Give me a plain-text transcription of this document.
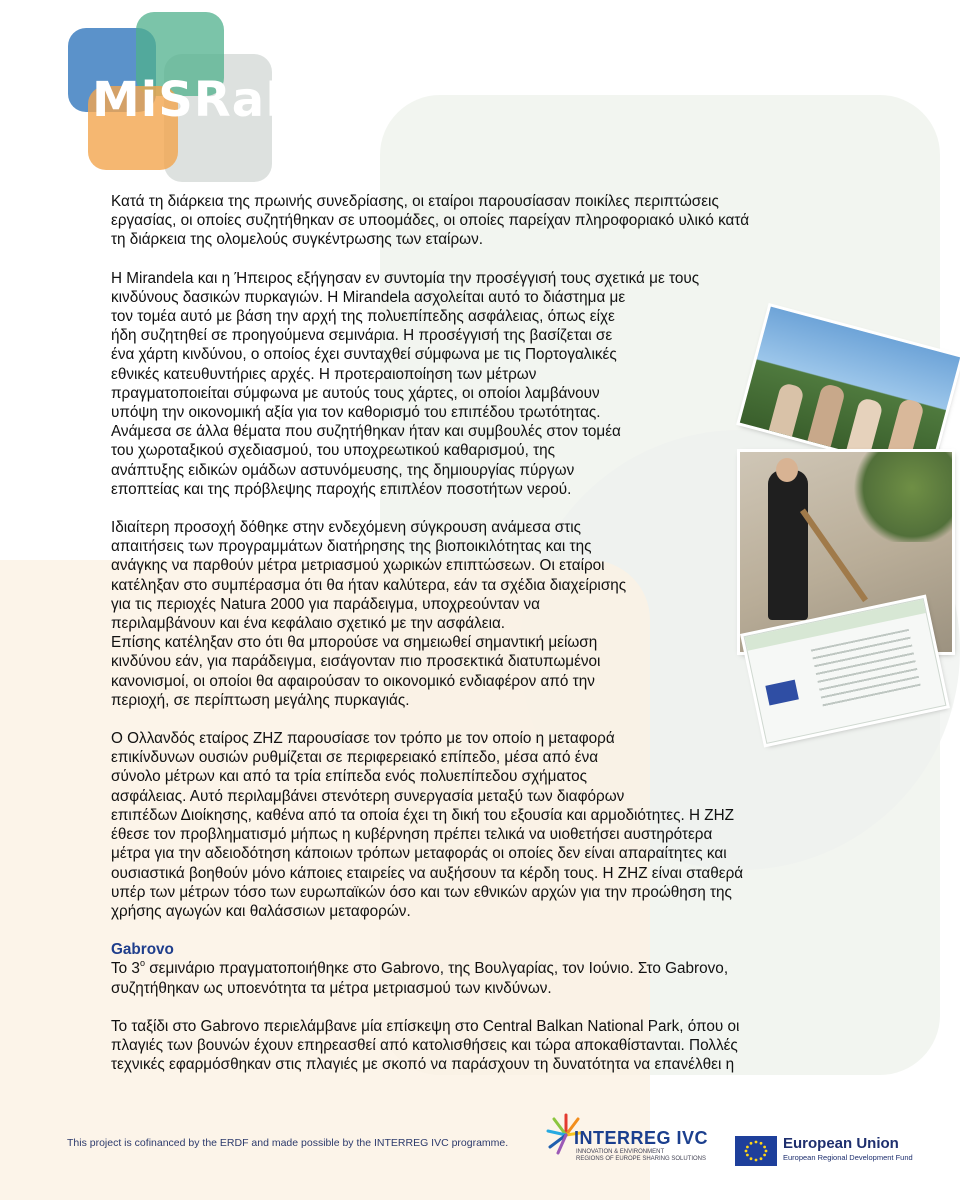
MiSRaR

Κατά τη διάρκεια της πρωινής συνεδρίασης, οι εταίροι παρουσίασαν ποικίλες περιπτώσεις
εργασίας, οι οποίες συζητήθηκαν σε υποομάδες, οι οποίες παρείχαν πληροφοριακό υλικό κατά
τη διάρκεια της ολομελούς συγκέντρωσης των εταίρων.

Η Mirandela και η Ήπειρος εξήγησαν εν συντομία την προσέγγισή τους σχετικά με τους
κινδύνους δασικών πυρκαγιών. Η Mirandela ασχολείται αυτό το διάστημα με
τον τομέα αυτό με βάση την αρχή της πολυεπίπεδης ασφάλειας, όπως είχε
ήδη συζητηθεί σε προηγούμενα σεμινάρια. Η προσέγγισή της βασίζεται σε
ένα χάρτη κινδύνου, ο οποίος έχει συνταχθεί σύμφωνα με τις Πορτογαλικές
εθνικές κατευθυντήριες αρχές. Η προτεραιοποίηση των μέτρων
πραγματοποιείται σύμφωνα με αυτούς τους χάρτες, οι οποίοι λαμβάνουν
υπόψη την οικονομική αξία για τον καθορισμό του επιπέδου τρωτότητας.
Ανάμεσα σε άλλα θέματα που συζητήθηκαν ήταν και συμβουλές στον τομέα
του χωροταξικού σχεδιασμού, του υποχρεωτικού καθαρισμού, της
ανάπτυξης ειδικών ομάδων αστυνόμευσης, της δημιουργίας πύργων
εποπτείας και της πρόβλεψης παροχής επιπλέον ποσοτήτων νερού.

Ιδιαίτερη προσοχή δόθηκε στην ενδεχόμενη σύγκρουση ανάμεσα στις
απαιτήσεις των προγραμμάτων διατήρησης της βιοποικιλότητας και της
ανάγκης να παρθούν μέτρα μετριασμού χωρικών επιπτώσεων. Οι εταίροι
κατέληξαν στο συμπέρασμα ότι θα ήταν καλύτερα, εάν τα σχέδια διαχείρισης
για τις περιοχές Natura 2000 για παράδειγμα, υποχρεούνταν να
περιλαμβάνουν και ένα κεφάλαιο σχετικό με την ασφάλεια.
Επίσης κατέληξαν στο ότι θα μπορούσε να σημειωθεί σημαντική μείωση
κινδύνου εάν, για παράδειγμα, εισάγονταν πιο προσεκτικά διατυπωμένοι
κανονισμοί, οι οποίοι θα αφαιρούσαν το οικονομικό ενδιαφέρον από την
περιοχή, σε περίπτωση μεγάλης πυρκαγιάς.

Ο Ολλανδός εταίρος ZHZ παρουσίασε τον τρόπο με τον οποίο η μεταφορά
επικίνδυνων ουσιών ρυθμίζεται σε περιφερειακό επίπεδο, μέσα από ένα
σύνολο μέτρων και από τα τρία επίπεδα ενός πολυεπίπεδου σχήματος
ασφάλειας. Αυτό περιλαμβάνει στενότερη συνεργασία μεταξύ των διαφόρων
επιπέδων Διοίκησης, καθένα από τα οποία έχει τη δική του εξουσία και αρμοδιότητες. Η ZHZ
έθεσε τον προβληματισμό μήπως η κυβέρνηση πρέπει τελικά να υιοθετήσει αυστηρότερα
μέτρα για την αδειοδότηση κάποιων τρόπων μεταφοράς οι οποίες δεν είναι απαραίτητες και
ουσιαστικά βοηθούν μόνο κάποιες εταιρείες να αυξήσουν τα κέρδη τους. Η ZHZ είναι σταθερά
υπέρ των μέτρων τόσο των ευρωπαϊκών όσο και των εθνικών αρχών για την προώθηση της
χρήσης αγωγών και θαλάσσιων μεταφορών.

Gabrovo
Το $3^o$ σεμινάριο πραγματοποιήθηκε στο Gabrovo, της Βουλγαρίας, τον Ιούνιο. Στο Gabrovo,
συζητήθηκαν ως υποενότητα τα μέτρα μετριασμού των κινδύνων.

Το ταξίδι στο Gabrovo περιελάμβανε μία επίσκεψη στο Central Balkan National Park, όπου οι
πλαγιές των βουνών έχουν επηρεασθεί από κατολισθήσεις και τώρα αποκαθίστανται. Πολλές
τεχνικές εφαρμόσθηκαν στις πλαγιές με σκοπό να παράσχουν τη δυνατότητα να επανέλθει η

This project is cofinanced by the ERDF and made possible by the INTERREG IVC programme.	INTERREG IVC
INNOVATION & ENVIRONMENT
REGIONS OF EUROPE SHARING SOLUTIONS
European Union
European Regional Development Fund
